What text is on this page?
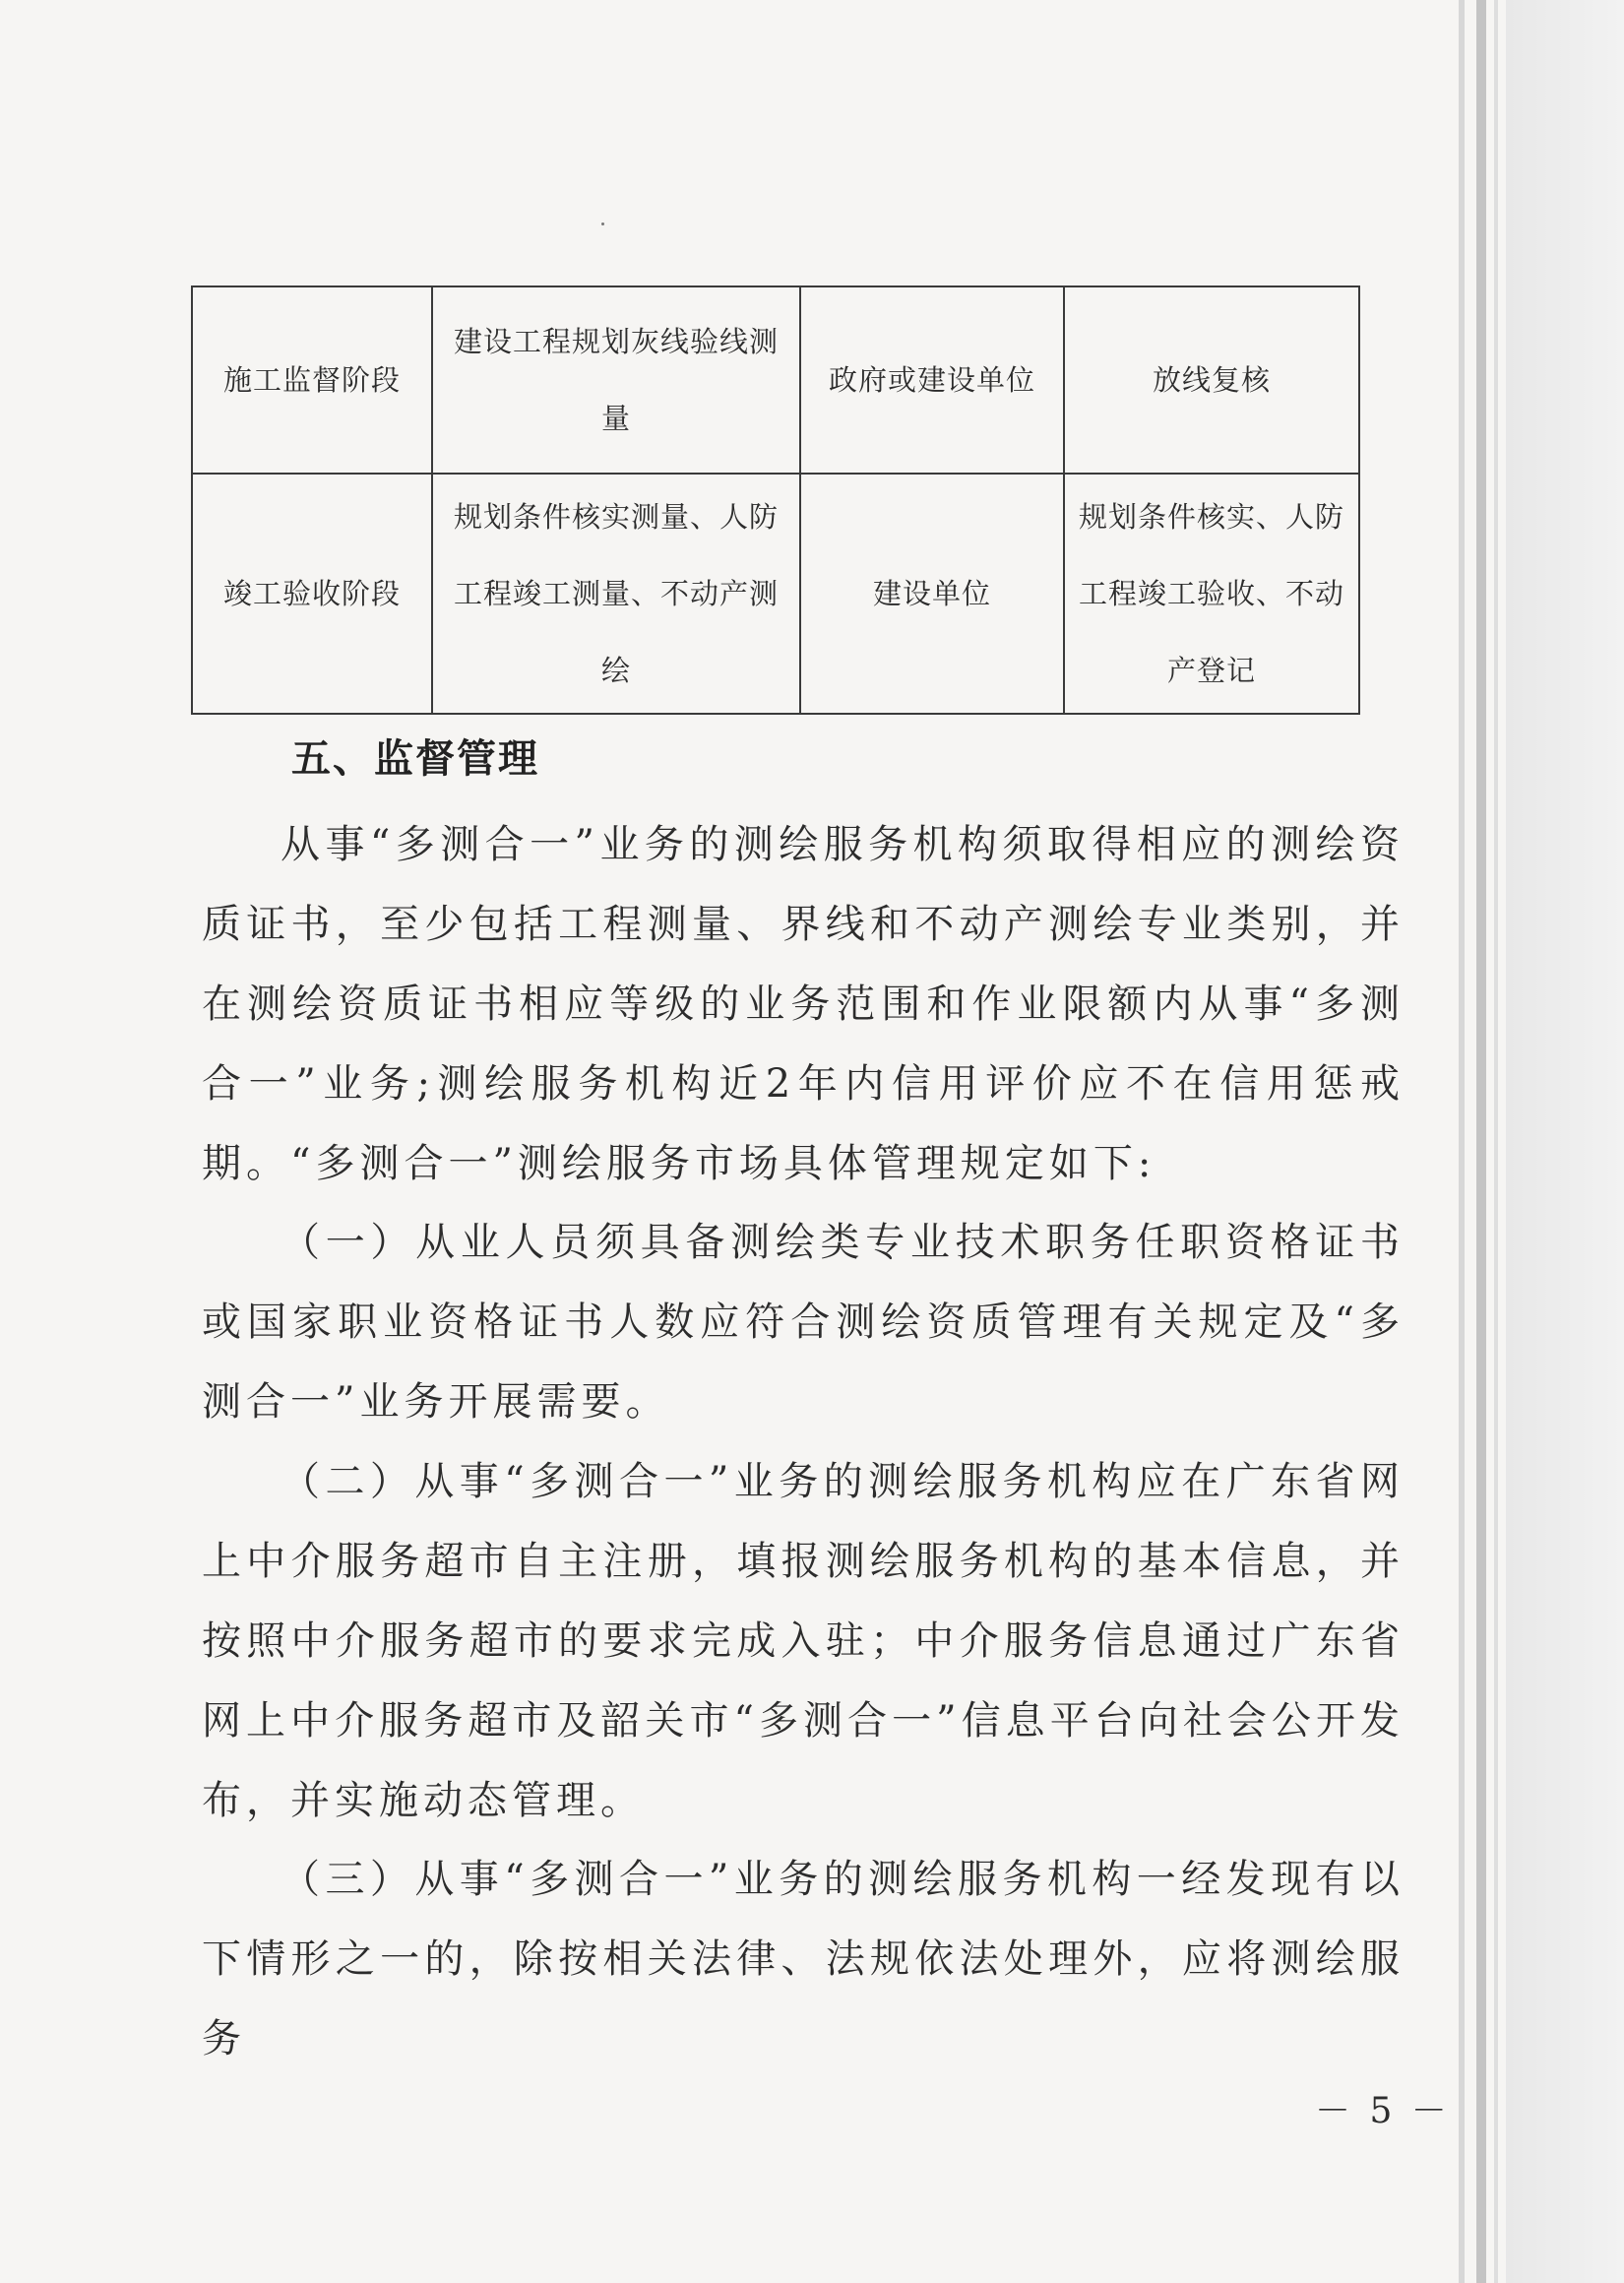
施工监督阶段	建设工程规划灰线验线测量	政府或建设单位	放线复核
竣工验收阶段	规划条件核实测量、人防工程竣工测量、不动产测绘	建设单位	规划条件核实、人防工程竣工验收、不动产登记
五、监督管理

从事“多测合一”业务的测绘服务机构须取得相应的测绘资质证书，至少包括工程测量、界线和不动产测绘专业类别，并在测绘资质证书相应等级的业务范围和作业限额内从事“多测合一”业务;测绘服务机构近2年内信用评价应不在信用惩戒期。“多测合一”测绘服务市场具体管理规定如下:

（一）从业人员须具备测绘类专业技术职务任职资格证书或国家职业资格证书人数应符合测绘资质管理有关规定及“多测合一”业务开展需要。

（二）从事“多测合一”业务的测绘服务机构应在广东省网上中介服务超市自主注册，填报测绘服务机构的基本信息，并按照中介服务超市的要求完成入驻；中介服务信息通过广东省网上中介服务超市及韶关市“多测合一”信息平台向社会公开发布，并实施动态管理。

（三）从事“多测合一”业务的测绘服务机构一经发现有以下情形之一的，除按相关法律、法规依法处理外，应将测绘服务

－ 5 －
